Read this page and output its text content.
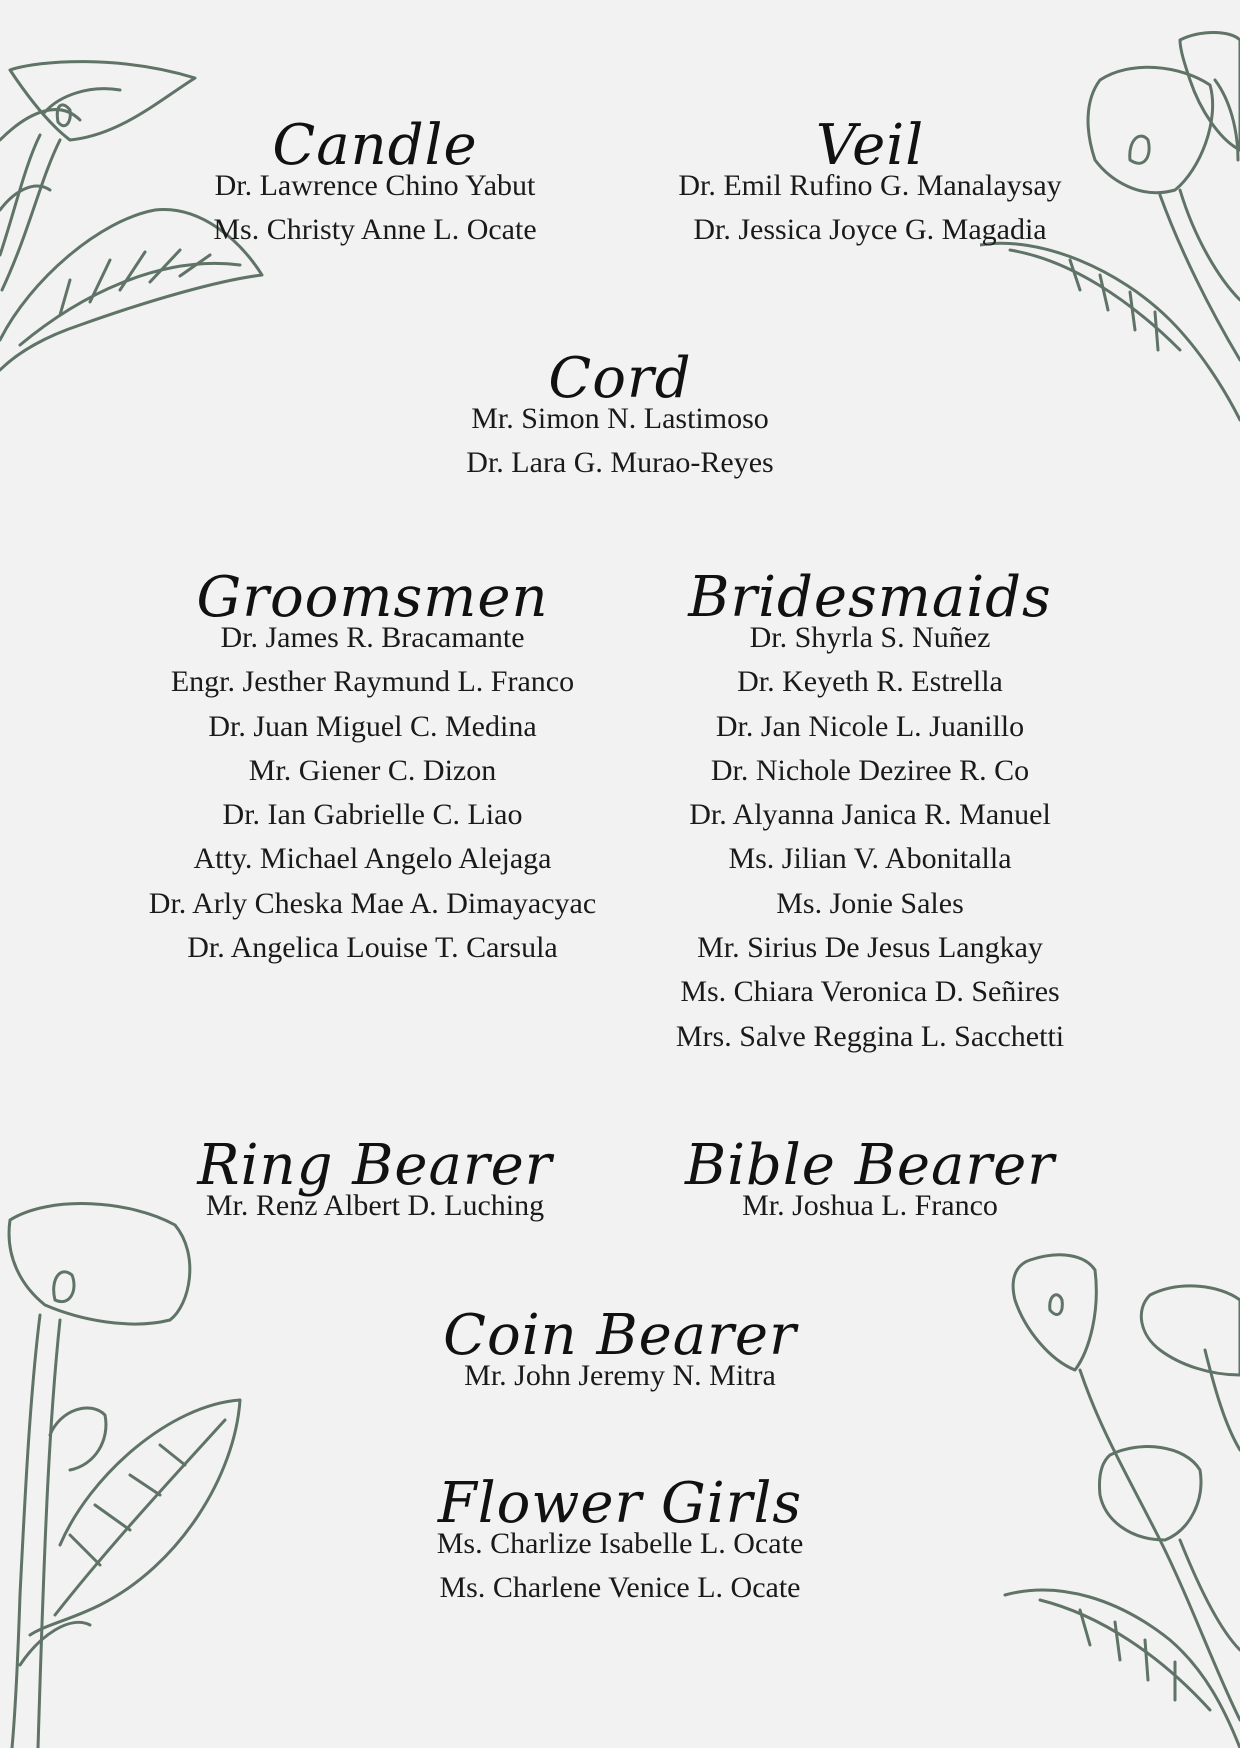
Candle
Dr. Lawrence Chino Yabut
Ms. Christy Anne L. Ocate
Veil
Dr. Emil Rufino G. Manalaysay
Dr. Jessica Joyce G. Magadia
Cord
Mr. Simon N. Lastimoso
Dr. Lara G. Murao-Reyes
Groomsmen
Dr. James R. Bracamante
Engr. Jesther Raymund L. Franco
Dr. Juan Miguel C. Medina
Mr. Giener C. Dizon
Dr. Ian Gabrielle C. Liao
Atty. Michael Angelo Alejaga
Dr. Arly Cheska Mae A. Dimayacyac
Dr. Angelica Louise T. Carsula
Bridesmaids
Dr. Shyrla S. Nuñez
Dr. Keyeth R. Estrella
Dr. Jan Nicole L. Juanillo
Dr. Nichole Deziree R. Co
Dr. Alyanna Janica R. Manuel
Ms. Jilian V. Abonitalla
Ms. Jonie Sales
Mr. Sirius De Jesus Langkay
Ms. Chiara Veronica D. Señires
Mrs. Salve Reggina L. Sacchetti
Ring Bearer
Mr. Renz Albert D. Luching
Bible Bearer
Mr. Joshua L. Franco
Coin Bearer
Mr. John Jeremy N. Mitra
Flower Girls
Ms. Charlize Isabelle L. Ocate
Ms. Charlene Venice L. Ocate
